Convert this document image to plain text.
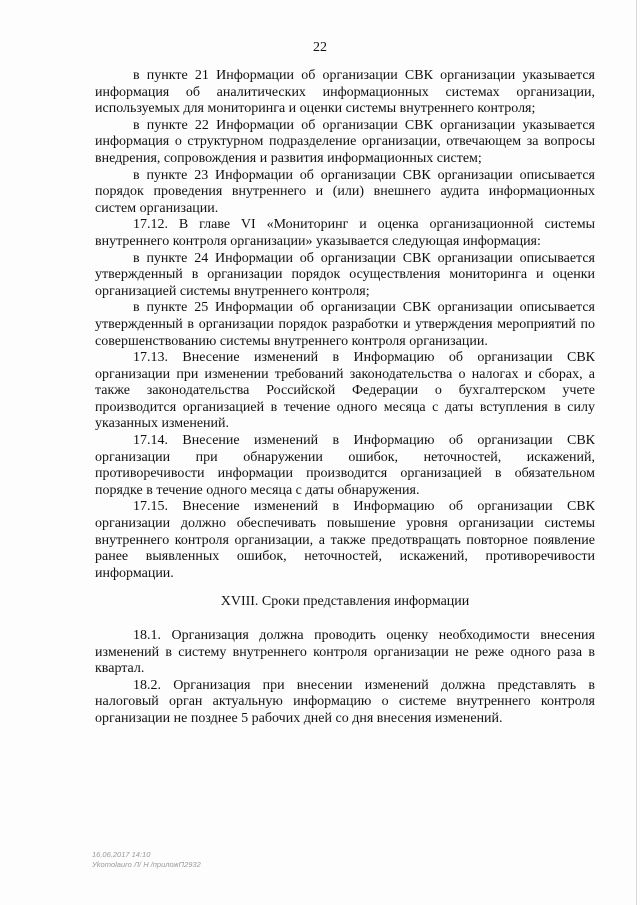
22

в пункте 21 Информации об организации СВК организации указывается информация об аналитических информационных системах организации, используемых для мониторинга и оценки системы внутреннего контроля;

в пункте 22 Информации об организации СВК организации указывается информация о структурном подразделение организации, отвечающем за вопросы внедрения, сопровождения и развития информационных систем;

в пункте 23 Информации об организации СВК организации описывается порядок проведения внутреннего и (или) внешнего аудита информационных систем организации.

17.12. В главе VI «Мониторинг и оценка организационной системы внутреннего контроля организации» указывается следующая информация:

в пункте 24 Информации об организации СВК организации описывается утвержденный в организации порядок осуществления мониторинга и оценки организацией системы внутреннего контроля;

в пункте 25 Информации об организации СВК организации описывается утвержденный в организации порядок разработки и утверждения мероприятий по совершенствованию системы внутреннего контроля организации.

17.13. Внесение изменений в Информацию об организации СВК организации при изменении требований законодательства о налогах и сборах, а также законодательства Российской Федерации о бухгалтерском учете производится организацией в течение одного месяца с даты вступления в силу указанных изменений.

17.14. Внесение изменений в Информацию об организации СВК организации при обнаружении ошибок, неточностей, искажений, противоречивости информации производится организацией в обязательном порядке в течение одного месяца с даты обнаружения.

17.15. Внесение изменений в Информацию об организации СВК организации должно обеспечивать повышение уровня организации системы внутреннего контроля организации, а также предотвращать повторное появление ранее выявленных ошибок, неточностей, искажений, противоречивости информации.

XVIII. Сроки представления информации

18.1. Организация должна проводить оценку необходимости внесения изменений в систему внутреннего контроля организации не реже одного раза в квартал.

18.2. Организация при внесении изменений должна представлять в налоговый орган актуальную информацию о системе внутреннего контроля организации не позднее 5 рабочих дней со дня внесения изменений.

16.06.2017 14:10
Уkomolauro Л/ Н /приложП2932
